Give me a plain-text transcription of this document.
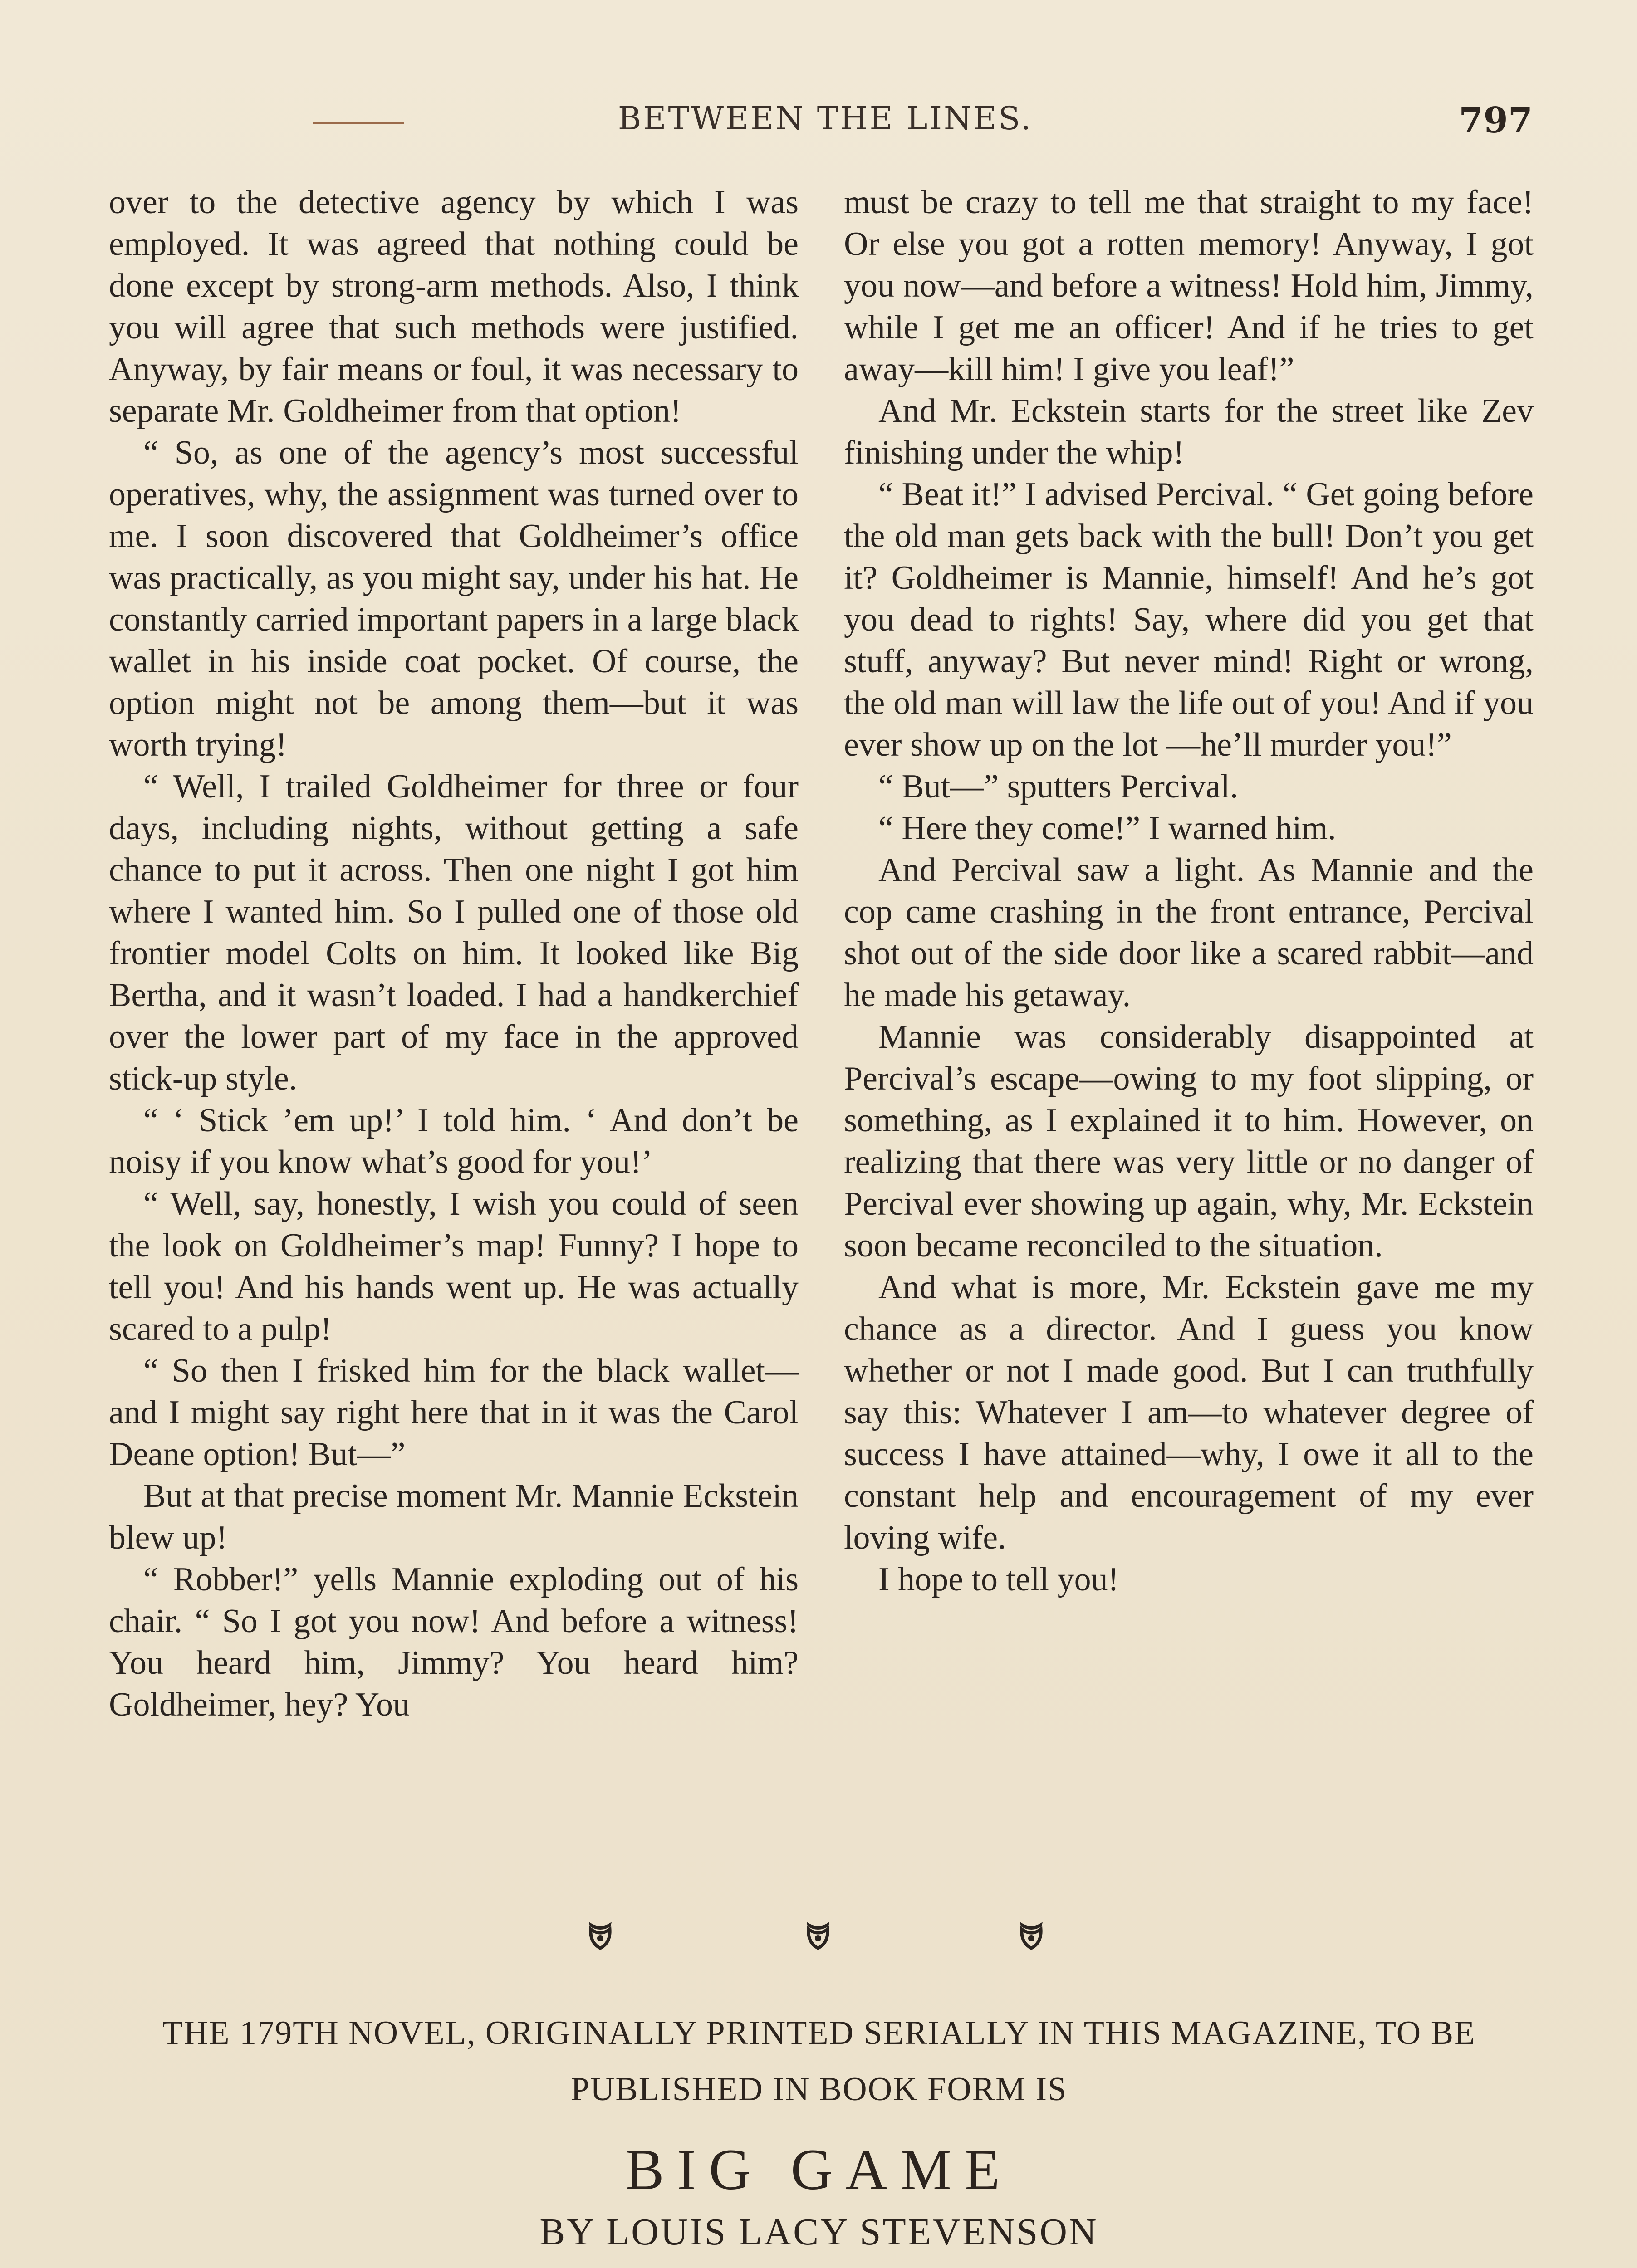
BETWEEN THE LINES.	797

over to the detective agency by which I was employed. It was agreed that nothing could be done except by strong-arm methods. Also, I think you will agree that such methods were justified. Anyway, by fair means or foul, it was necessary to separate Mr. Goldheimer from that option!

“ So, as one of the agency’s most successful operatives, why, the assignment was turned over to me. I soon discovered that Goldheimer’s office was practically, as you might say, under his hat. He constantly carried important papers in a large black wallet in his inside coat pocket. Of course, the option might not be among them—but it was worth trying!

“ Well, I trailed Goldheimer for three or four days, including nights, without getting a safe chance to put it across. Then one night I got him where I wanted him. So I pulled one of those old frontier model Colts on him. It looked like Big Bertha, and it wasn’t loaded. I had a handkerchief over the lower part of my face in the approved stick-up style.

“ ‘ Stick ’em up!’ I told him. ‘ And don’t be noisy if you know what’s good for you!’

“ Well, say, honestly, I wish you could of seen the look on Goldheimer’s map! Funny? I hope to tell you! And his hands went up. He was actually scared to a pulp!

“ So then I frisked him for the black wallet—and I might say right here that in it was the Carol Deane option! But—”

But at that precise moment Mr. Mannie Eckstein blew up!

“ Robber!” yells Mannie exploding out of his chair. “ So I got you now! And before a witness! You heard him, Jimmy? You heard him? Goldheimer, hey? You

must be crazy to tell me that straight to my face! Or else you got a rotten memory! Anyway, I got you now—and before a witness! Hold him, Jimmy, while I get me an officer! And if he tries to get away—kill him! I give you leaf!”

And Mr. Eckstein starts for the street like Zev finishing under the whip!

“ Beat it!” I advised Percival. “ Get going before the old man gets back with the bull! Don’t you get it? Goldheimer is Mannie, himself! And he’s got you dead to rights! Say, where did you get that stuff, anyway? But never mind! Right or wrong, the old man will law the life out of you! And if you ever show up on the lot —he’ll murder you!”

“ But—” sputters Percival.

“ Here they come!” I warned him.

And Percival saw a light. As Mannie and the cop came crashing in the front entrance, Percival shot out of the side door like a scared rabbit—and he made his getaway.

Mannie was considerably disappointed at Percival’s escape—owing to my foot slipping, or something, as I explained it to him. However, on realizing that there was very little or no danger of Percival ever showing up again, why, Mr. Eckstein soon became reconciled to the situation.

And what is more, Mr. Eckstein gave me my chance as a director. And I guess you know whether or not I made good. But I can truthfully say this: Whatever I am—to whatever degree of success I have attained—why, I owe it all to the constant help and encouragement of my ever loving wife.

I hope to tell you!

THE 179TH NOVEL, ORIGINALLY PRINTED SERIALLY IN THIS MAGAZINE, TO BE PUBLISHED IN BOOK FORM IS

BIG GAME

BY LOUIS LACY STEVENSON
